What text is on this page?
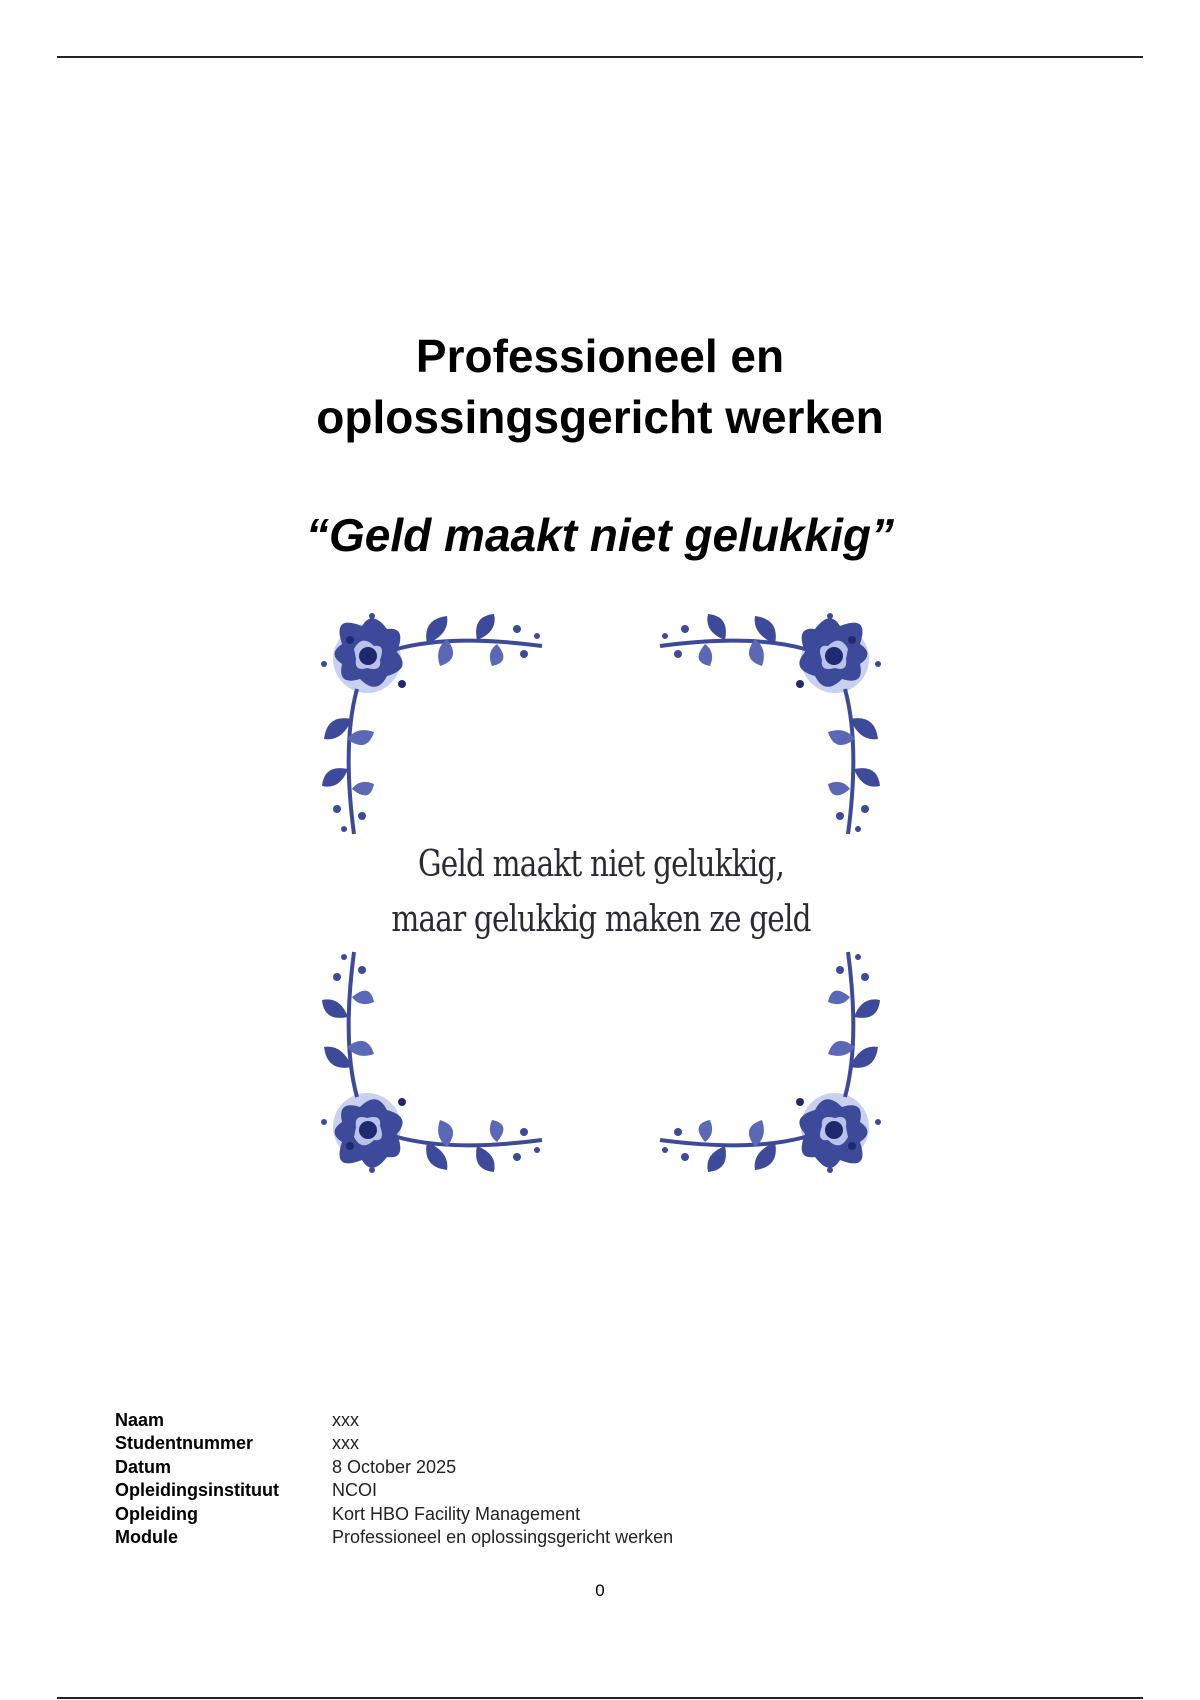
Professioneel en
oplossingsgericht werken
“Geld maakt niet gelukkig”
Geld maakt niet gelukkig,
maar gelukkig maken ze geld
Naam	xxx
Studentnummer	xxx
Datum	8 October 2025
Opleidingsinstituut	NCOI
Opleiding	Kort HBO Facility Management
Module	Professioneel en oplossingsgericht werken
0
